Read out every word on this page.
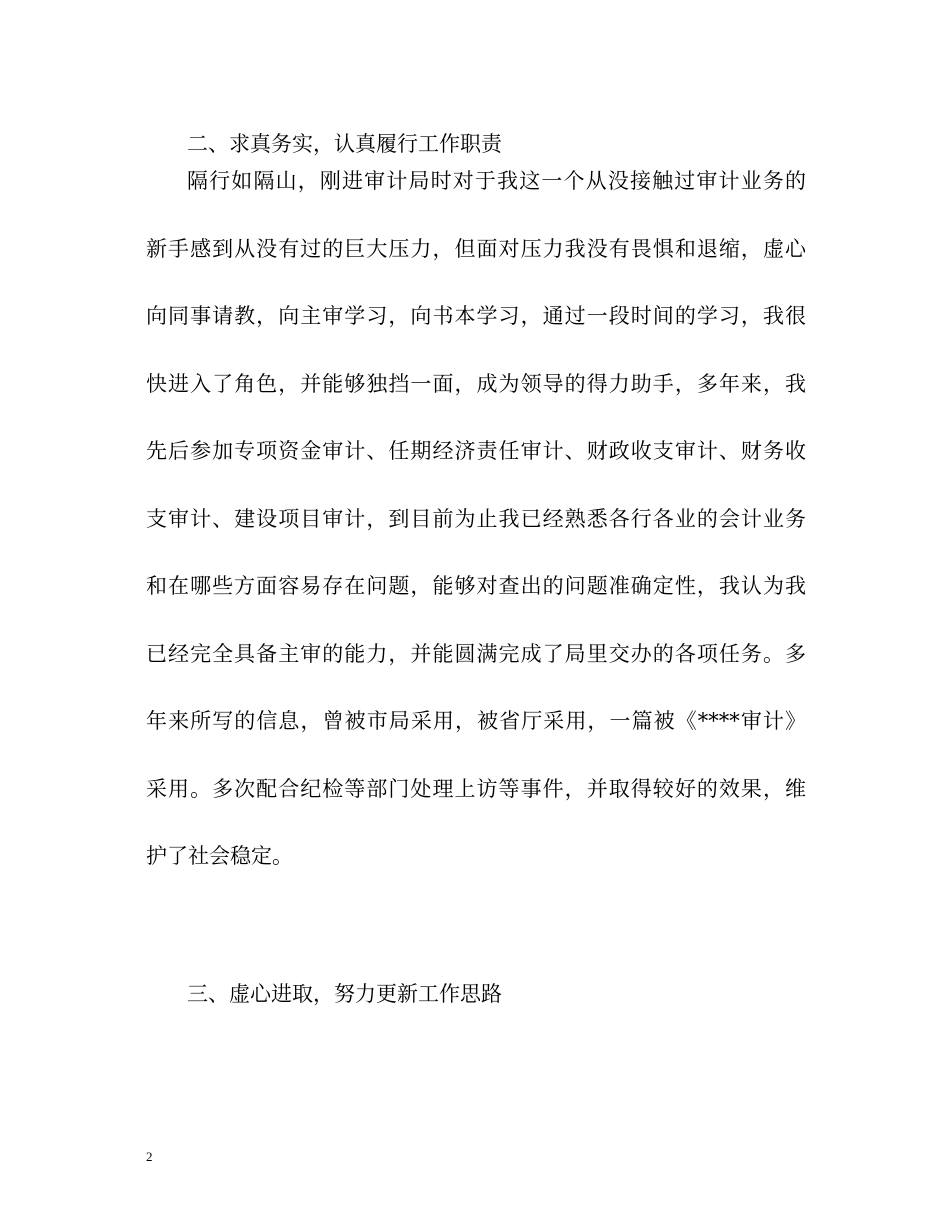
二、求真务实，认真履行工作职责

隔行如隔山，刚进审计局时对于我这一个从没接触过审计业务的
新手感到从没有过的巨大压力，但面对压力我没有畏惧和退缩，虚心
向同事请教，向主审学习，向书本学习，通过一段时间的学习，我很
快进入了角色，并能够独挡一面，成为领导的得力助手，多年来，我
先后参加专项资金审计、任期经济责任审计、财政收支审计、财务收
支审计、建设项目审计，到目前为止我已经熟悉各行各业的会计业务
和在哪些方面容易存在问题，能够对查出的问题准确定性，我认为我
已经完全具备主审的能力，并能圆满完成了局里交办的各项任务。多
年来所写的信息，曾被市局采用，被省厅采用，一篇被《****审计》
采用。多次配合纪检等部门处理上访等事件，并取得较好的效果，维
护了社会稳定。

三、虚心进取，努力更新工作思路

2
